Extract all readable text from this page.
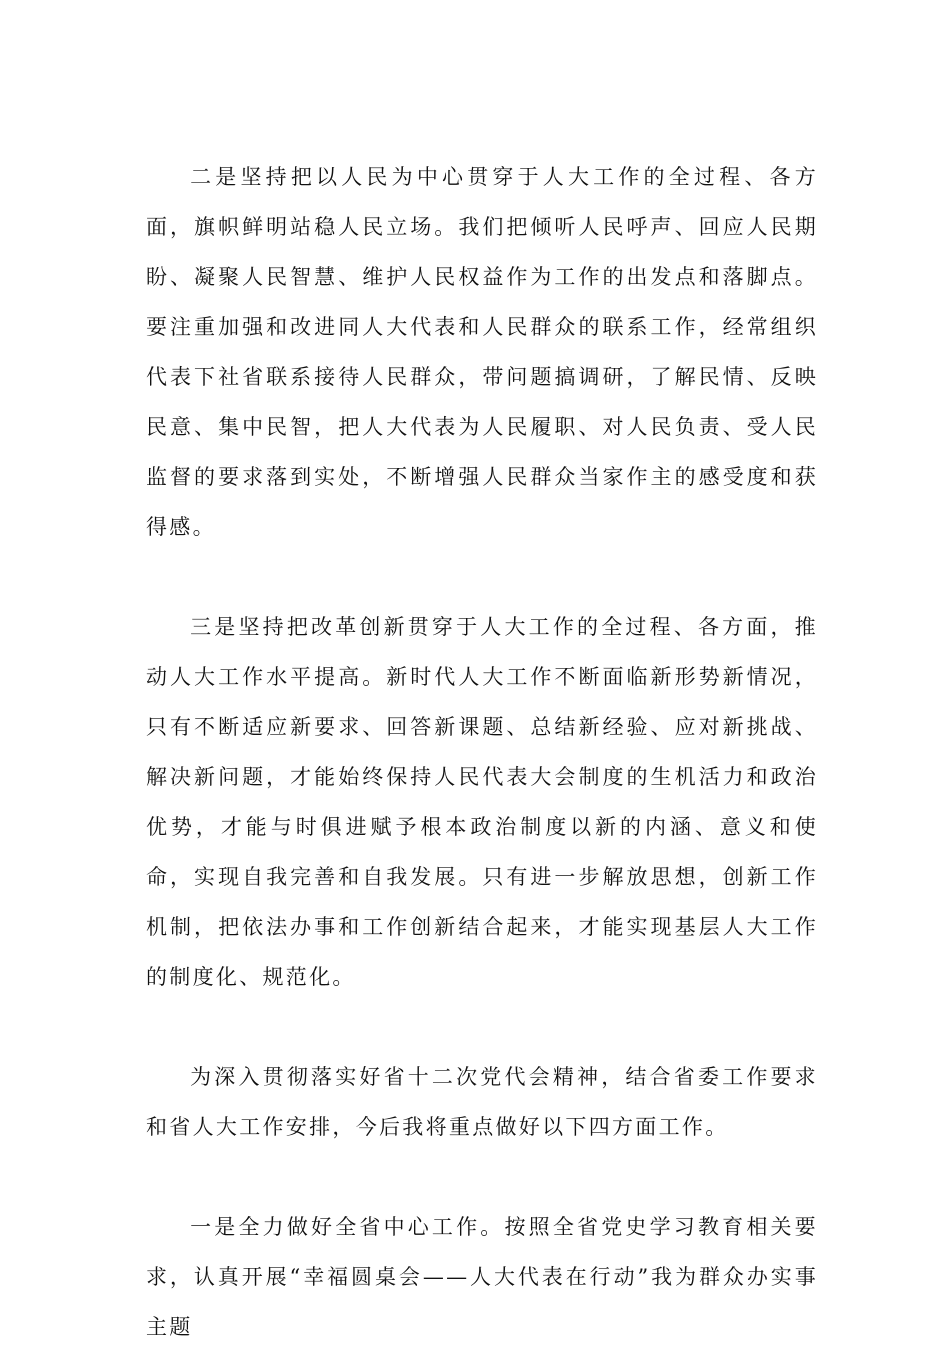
二是坚持把以人民为中心贯穿于人大工作的全过程、各方面，旗帜鲜明站稳人民立场。我们把倾听人民呼声、回应人民期盼、凝聚人民智慧、维护人民权益作为工作的出发点和落脚点。要注重加强和改进同人大代表和人民群众的联系工作，经常组织代表下社省联系接待人民群众，带问题搞调研，了解民情、反映民意、集中民智，把人大代表为人民履职、对人民负责、受人民监督的要求落到实处，不断增强人民群众当家作主的感受度和获得感。

三是坚持把改革创新贯穿于人大工作的全过程、各方面，推动人大工作水平提高。新时代人大工作不断面临新形势新情况，只有不断适应新要求、回答新课题、总结新经验、应对新挑战、解决新问题，才能始终保持人民代表大会制度的生机活力和政治优势，才能与时俱进赋予根本政治制度以新的内涵、意义和使命，实现自我完善和自我发展。只有进一步解放思想，创新工作机制，把依法办事和工作创新结合起来，才能实现基层人大工作的制度化、规范化。

为深入贯彻落实好省十二次党代会精神，结合省委工作要求和省人大工作安排，今后我将重点做好以下四方面工作。

一是全力做好全省中心工作。按照全省党史学习教育相关要求，认真开展“幸福圆桌会——人大代表在行动”我为群众办实事主题
